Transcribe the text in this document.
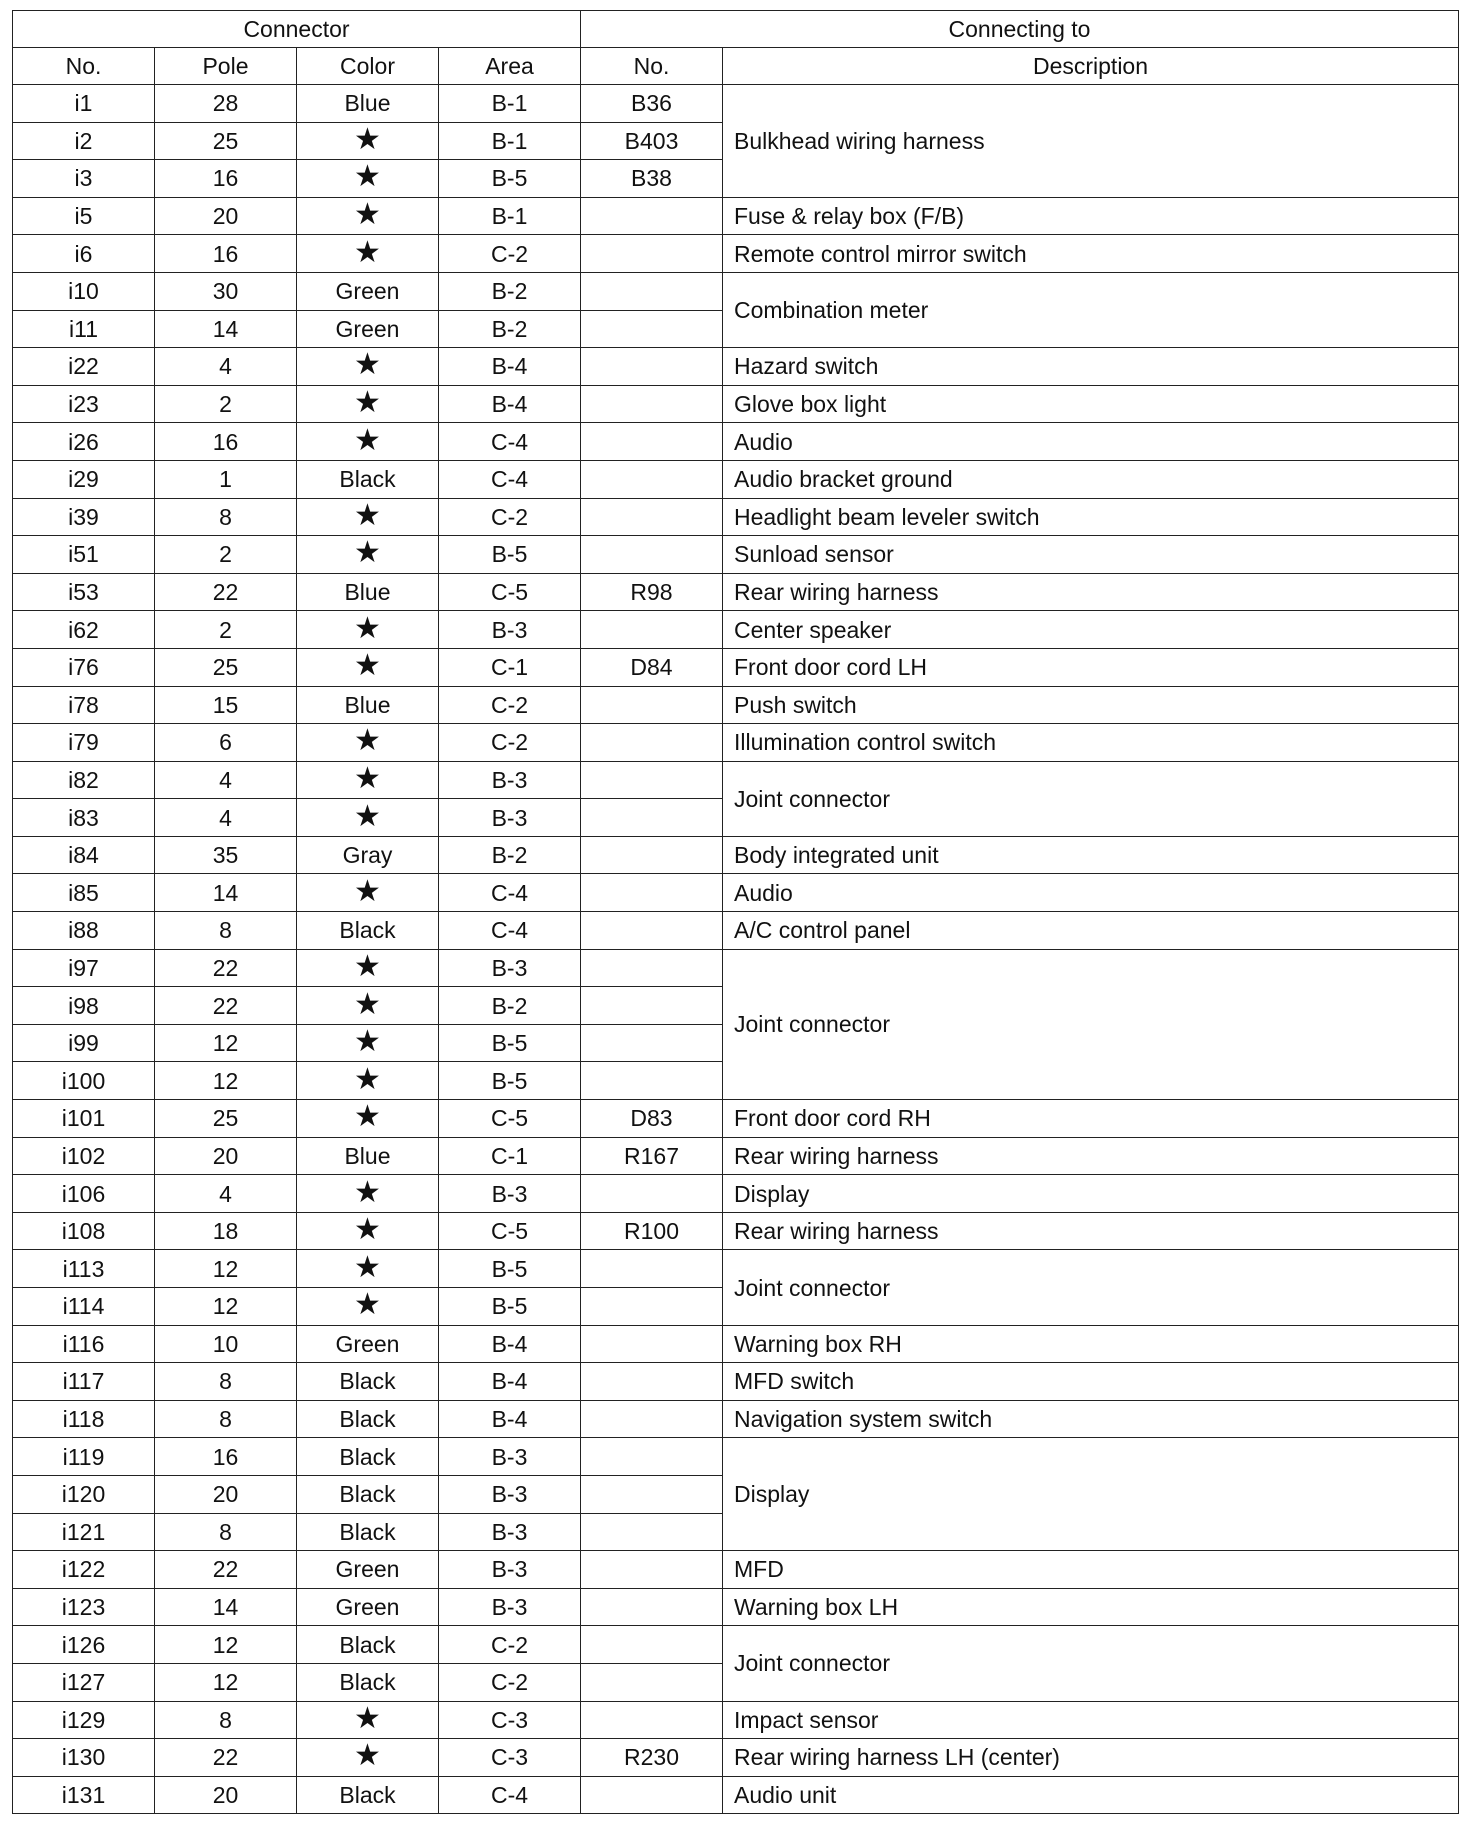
Connector				Connecting to	
No.	Pole	Color	Area	No.	Description
i1	28	Blue	B-1	B36	Bulkhead wiring harness
i2	25	★	B-1	B403	
i3	16	★	B-5	B38	
i5	20	★	B-1		Fuse & relay box (F/B)
i6	16	★	C-2		Remote control mirror switch
i10	30	Green	B-2		Combination meter
i11	14	Green	B-2		
i22	4	★	B-4		Hazard switch
i23	2	★	B-4		Glove box light
i26	16	★	C-4		Audio
i29	1	Black	C-4		Audio bracket ground
i39	8	★	C-2		Headlight beam leveler switch
i51	2	★	B-5		Sunload sensor
i53	22	Blue	C-5	R98	Rear wiring harness
i62	2	★	B-3		Center speaker
i76	25	★	C-1	D84	Front door cord LH
i78	15	Blue	C-2		Push switch
i79	6	★	C-2		Illumination control switch
i82	4	★	B-3		Joint connector
i83	4	★	B-3		
i84	35	Gray	B-2		Body integrated unit
i85	14	★	C-4		Audio
i88	8	Black	C-4		A/C control panel
i97	22	★	B-3		Joint connector
i98	22	★	B-2		
i99	12	★	B-5		
i100	12	★	B-5		
i101	25	★	C-5	D83	Front door cord RH
i102	20	Blue	C-1	R167	Rear wiring harness
i106	4	★	B-3		Display
i108	18	★	C-5	R100	Rear wiring harness
i113	12	★	B-5		Joint connector
i114	12	★	B-5		
i116	10	Green	B-4		Warning box RH
i117	8	Black	B-4		MFD switch
i118	8	Black	B-4		Navigation system switch
i119	16	Black	B-3		Display
i120	20	Black	B-3		
i121	8	Black	B-3		
i122	22	Green	B-3		MFD
i123	14	Green	B-3		Warning box LH
i126	12	Black	C-2		Joint connector
i127	12	Black	C-2		
i129	8	★	C-3		Impact sensor
i130	22	★	C-3	R230	Rear wiring harness LH (center)
i131	20	Black	C-4		Audio unit
